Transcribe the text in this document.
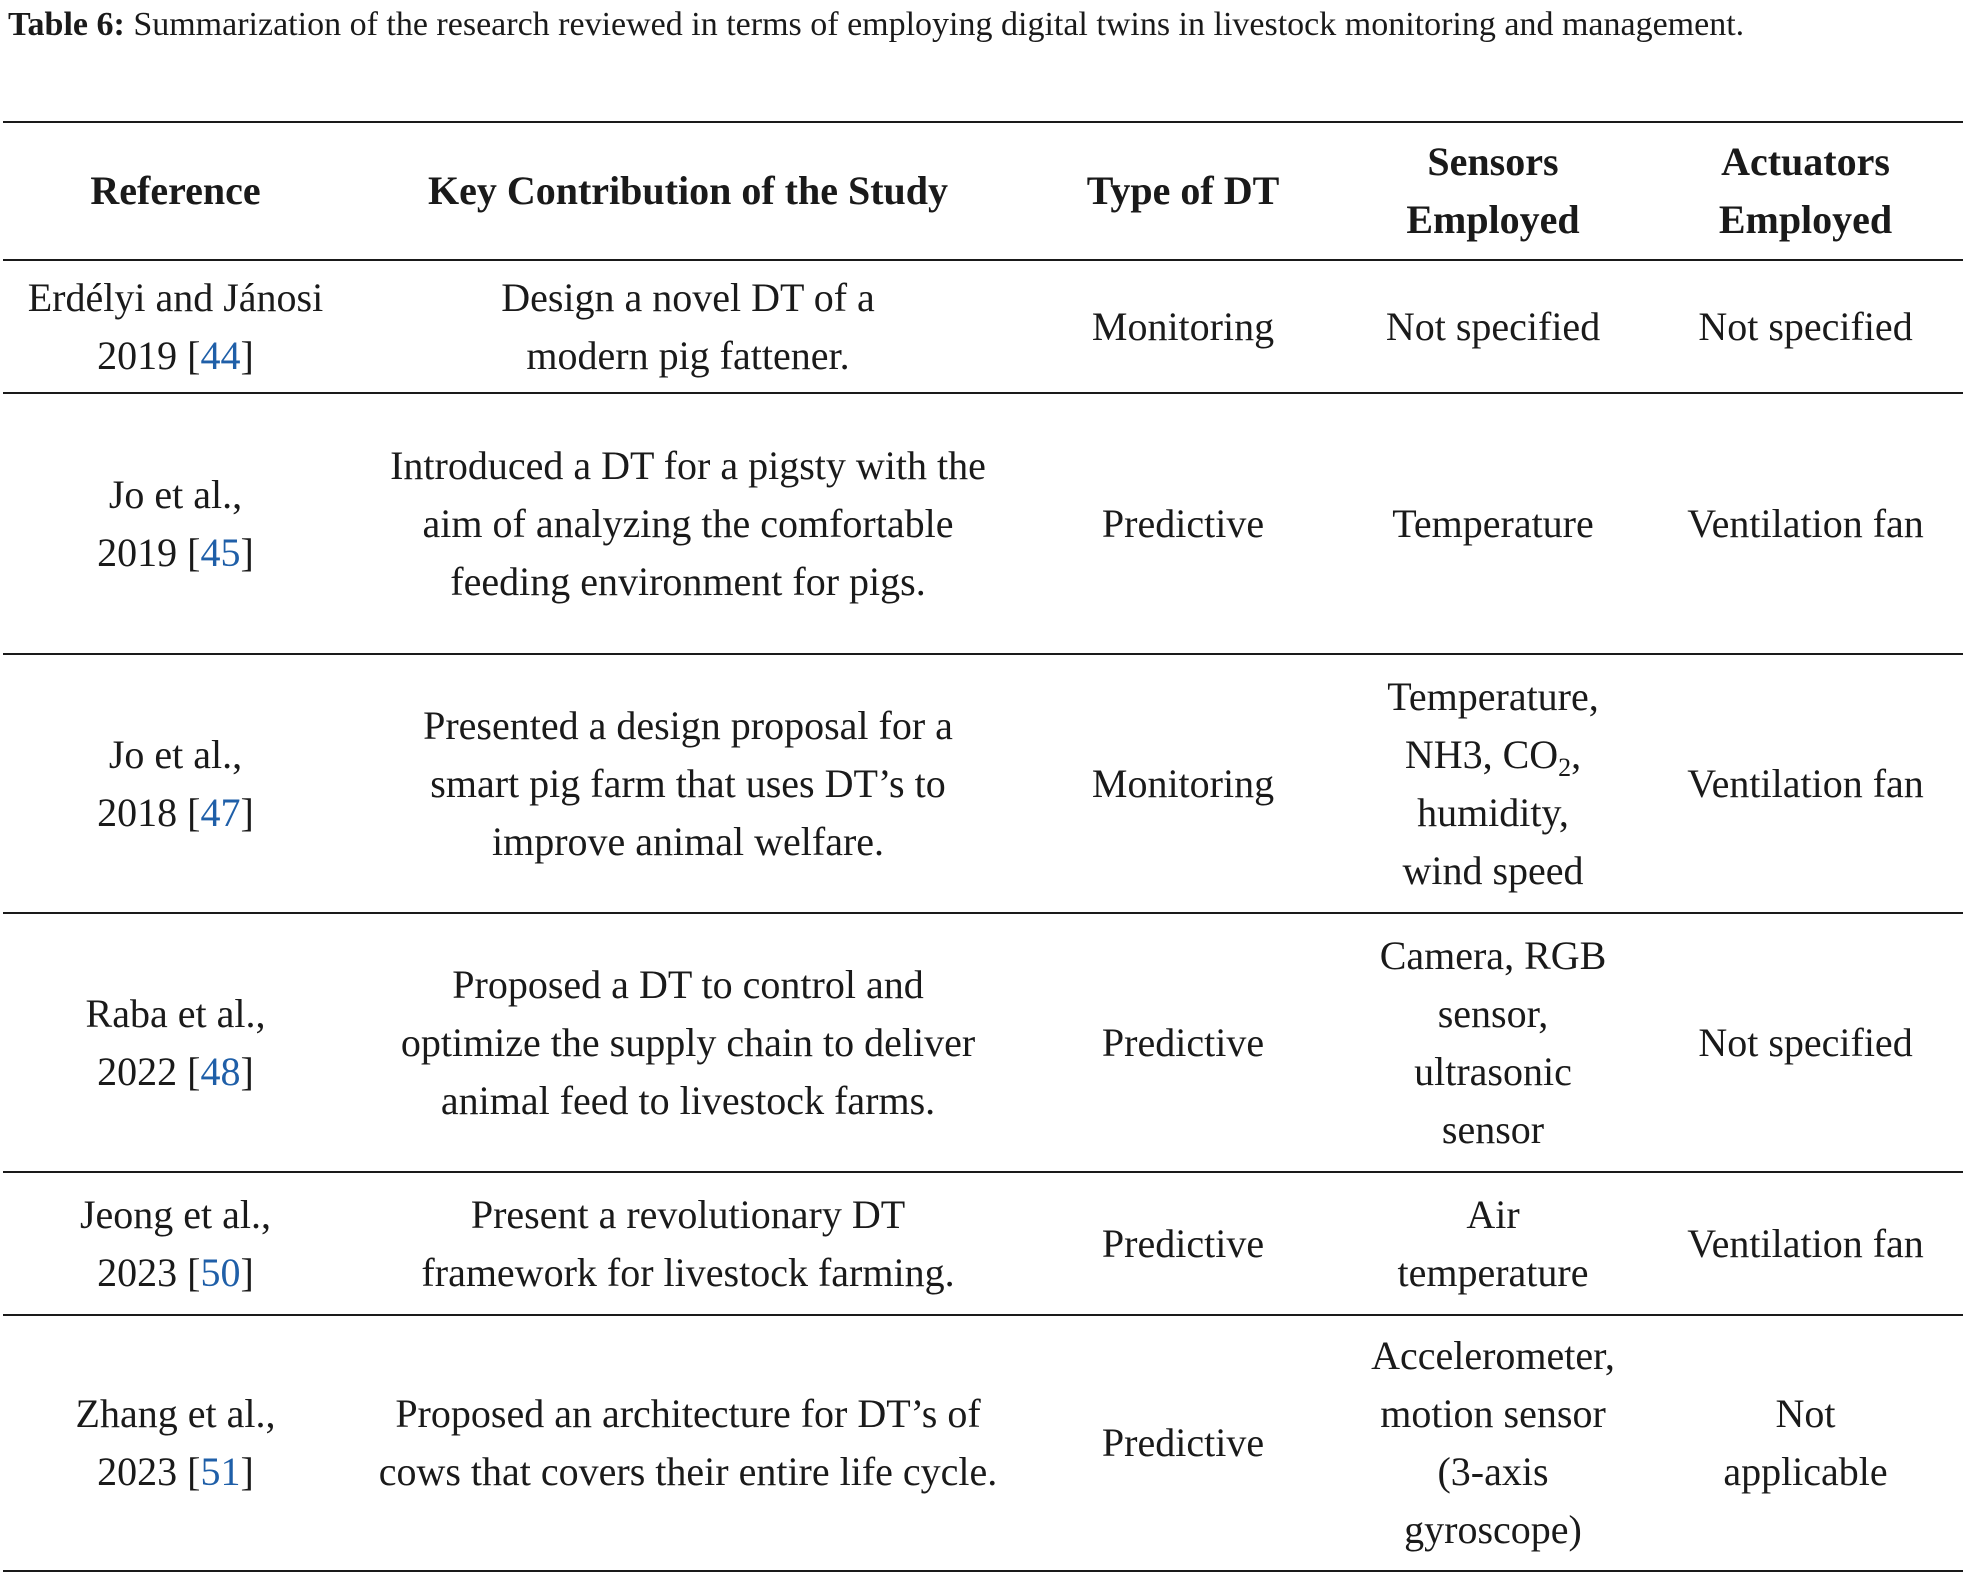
Table 6: Summarization of the research reviewed in terms of employing digital twins in livestock monitoring and management.
Reference	Key Contribution of the Study	Type of DT	Sensors Employed	Actuators Employed
Erdélyi and Jánosi 2019 [44]	Design a novel DT of a modern pig fattener.	Monitoring	Not specified	Not specified
Jo et al., 2019 [45]	Introduced a DT for a pigsty with the aim of analyzing the comfortable feeding environment for pigs.	Predictive	Temperature	Ventilation fan
Jo et al., 2018 [47]	Presented a design proposal for a smart pig farm that uses DT’s to improve animal welfare.	Monitoring	Temperature, NH3, $CO_2$, humidity, wind speed	Ventilation fan
Raba et al., 2022 [48]	Proposed a DT to control and optimize the supply chain to deliver animal feed to livestock farms.	Predictive	Camera, RGB sensor, ultrasonic sensor	Not specified
Jeong et al., 2023 [50]	Present a revolutionary DT framework for livestock farming.	Predictive	Air temperature	Ventilation fan
Zhang et al., 2023 [51]	Proposed an architecture for DT’s of cows that covers their entire life cycle.	Predictive	Accelerometer, motion sensor (3-axis gyroscope)	Not applicable
